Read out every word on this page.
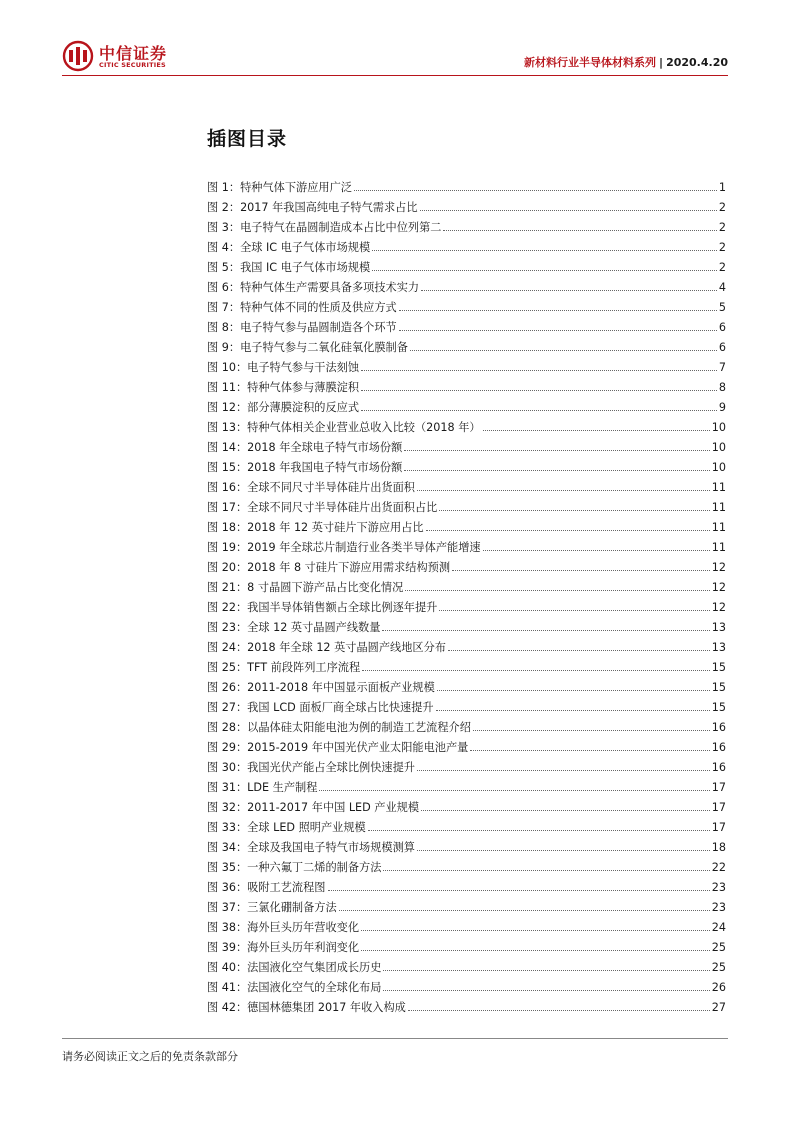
中信证券
CITIC SECURITIES	新材料行业半导体材料系列 | 2020.4.20
插图目录
图 1： 特种气体下游应用广泛	1
图 2： 2017 年我国高纯电子特气需求占比	2
图 3： 电子特气在晶圆制造成本占比中位列第二	2
图 4： 全球 IC 电子气体市场规模	2
图 5： 我国 IC 电子气体市场规模	2
图 6： 特种气体生产需要具备多项技术实力	4
图 7： 特种气体不同的性质及供应方式	5
图 8： 电子特气参与晶圆制造各个环节	6
图 9： 电子特气参与二氧化硅氧化膜制备	6
图 10： 电子特气参与干法刻蚀	7
图 11： 特种气体参与薄膜淀积	8
图 12： 部分薄膜淀积的反应式	9
图 13： 特种气体相关企业营业总收入比较（2018 年）	10
图 14： 2018 年全球电子特气市场份额	10
图 15： 2018 年我国电子特气市场份额	10
图 16： 全球不同尺寸半导体硅片出货面积	11
图 17： 全球不同尺寸半导体硅片出货面积占比	11
图 18： 2018 年 12 英寸硅片下游应用占比	11
图 19： 2019 年全球芯片制造行业各类半导体产能增速	11
图 20： 2018 年 8 寸硅片下游应用需求结构预测	12
图 21： 8 寸晶圆下游产品占比变化情况	12
图 22： 我国半导体销售额占全球比例逐年提升	12
图 23： 全球 12 英寸晶圆产线数量	13
图 24： 2018 年全球 12 英寸晶圆产线地区分布	13
图 25： TFT 前段阵列工序流程	15
图 26： 2011-2018 年中国显示面板产业规模	15
图 27： 我国 LCD 面板厂商全球占比快速提升	15
图 28： 以晶体硅太阳能电池为例的制造工艺流程介绍	16
图 29： 2015-2019 年中国光伏产业太阳能电池产量	16
图 30： 我国光伏产能占全球比例快速提升	16
图 31： LDE 生产制程	17
图 32： 2011-2017 年中国 LED 产业规模	17
图 33： 全球 LED 照明产业规模	17
图 34： 全球及我国电子特气市场规模测算	18
图 35： 一种六氟丁二烯的制备方法	22
图 36： 吸附工艺流程图	23
图 37： 三氯化硼制备方法	23
图 38： 海外巨头历年营收变化	24
图 39： 海外巨头历年利润变化	25
图 40： 法国液化空气集团成长历史	25
图 41： 法国液化空气的全球化布局	26
图 42： 德国林德集团 2017 年收入构成	27
请务必阅读正文之后的免责条款部分
